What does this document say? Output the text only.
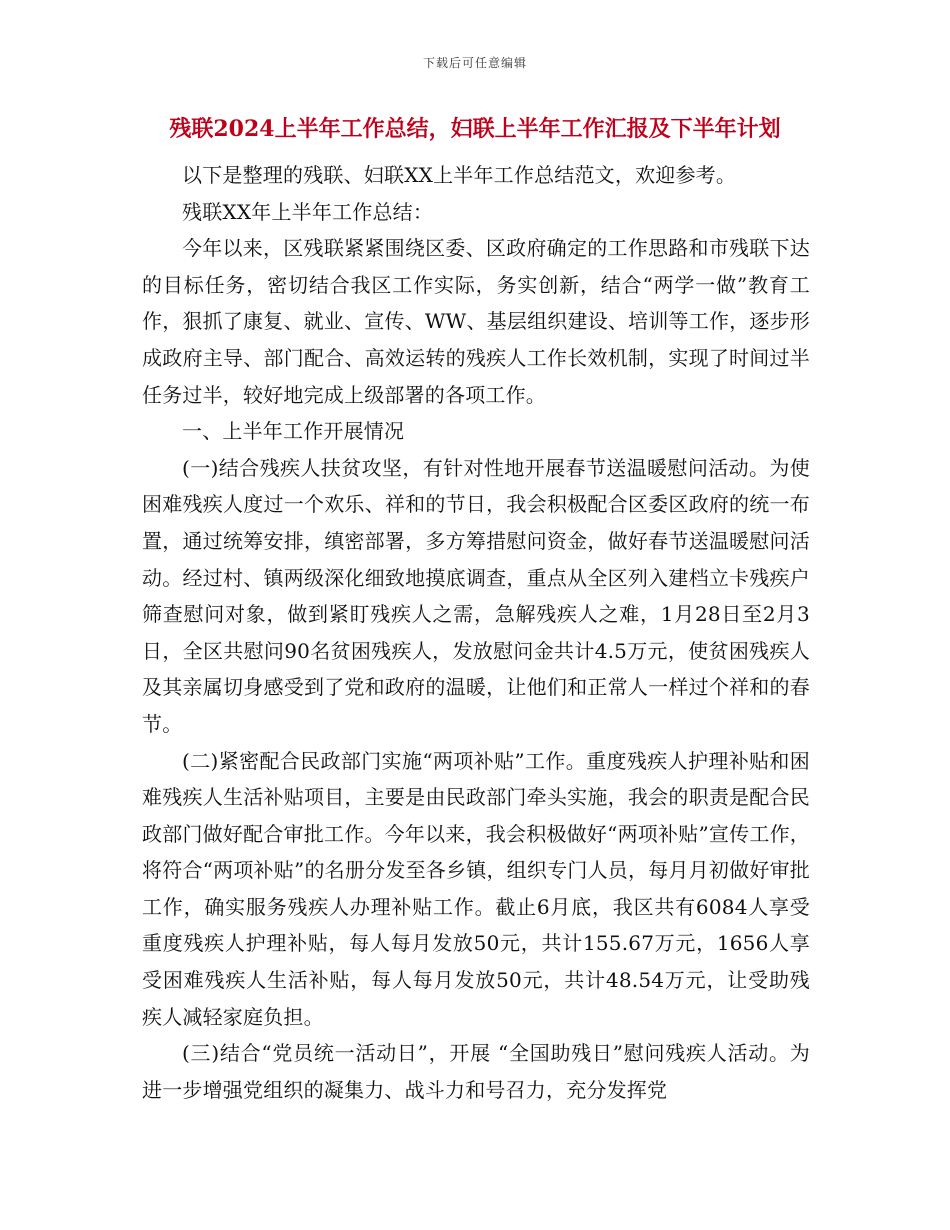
下载后可任意编辑
残联2024上半年工作总结，妇联上半年工作汇报及下半年计划

以下是整理的残联、妇联XX上半年工作总结范文，欢迎参考。

残联XX年上半年工作总结：

今年以来，区残联紧紧围绕区委、区政府确定的工作思路和市残联下达的目标任务，密切结合我区工作实际，务实创新，结合“两学一做”教育工作，狠抓了康复、就业、宣传、WW、基层组织建设、培训等工作，逐步形成政府主导、部门配合、高效运转的残疾人工作长效机制，实现了时间过半任务过半，较好地完成上级部署的各项工作。

一、上半年工作开展情况

(一)结合残疾人扶贫攻坚，有针对性地开展春节送温暖慰问活动。为使困难残疾人度过一个欢乐、祥和的节日，我会积极配合区委区政府的统一布置，通过统筹安排，缜密部署，多方筹措慰问资金，做好春节送温暖慰问活动。经过村、镇两级深化细致地摸底调查，重点从全区列入建档立卡残疾户筛查慰问对象，做到紧盯残疾人之需，急解残疾人之难，1月28日至2月3日，全区共慰问90名贫困残疾人，发放慰问金共计4.5万元，使贫困残疾人及其亲属切身感受到了党和政府的温暖，让他们和正常人一样过个祥和的春节。

(二)紧密配合民政部门实施“两项补贴”工作。重度残疾人护理补贴和困难残疾人生活补贴项目，主要是由民政部门牵头实施，我会的职责是配合民政部门做好配合审批工作。今年以来，我会积极做好“两项补贴”宣传工作，将符合“两项补贴”的名册分发至各乡镇，组织专门人员，每月月初做好审批工作，确实服务残疾人办理补贴工作。截止6月底，我区共有6084人享受重度残疾人护理补贴，每人每月发放50元，共计155.67万元，1656人享受困难残疾人生活补贴，每人每月发放50元，共计48.54万元，让受助残疾人减轻家庭负担。

(三)结合“党员统一活动日”，开展 “全国助残日”慰问残疾人活动。为进一步增强党组织的凝集力、战斗力和号召力，充分发挥党
